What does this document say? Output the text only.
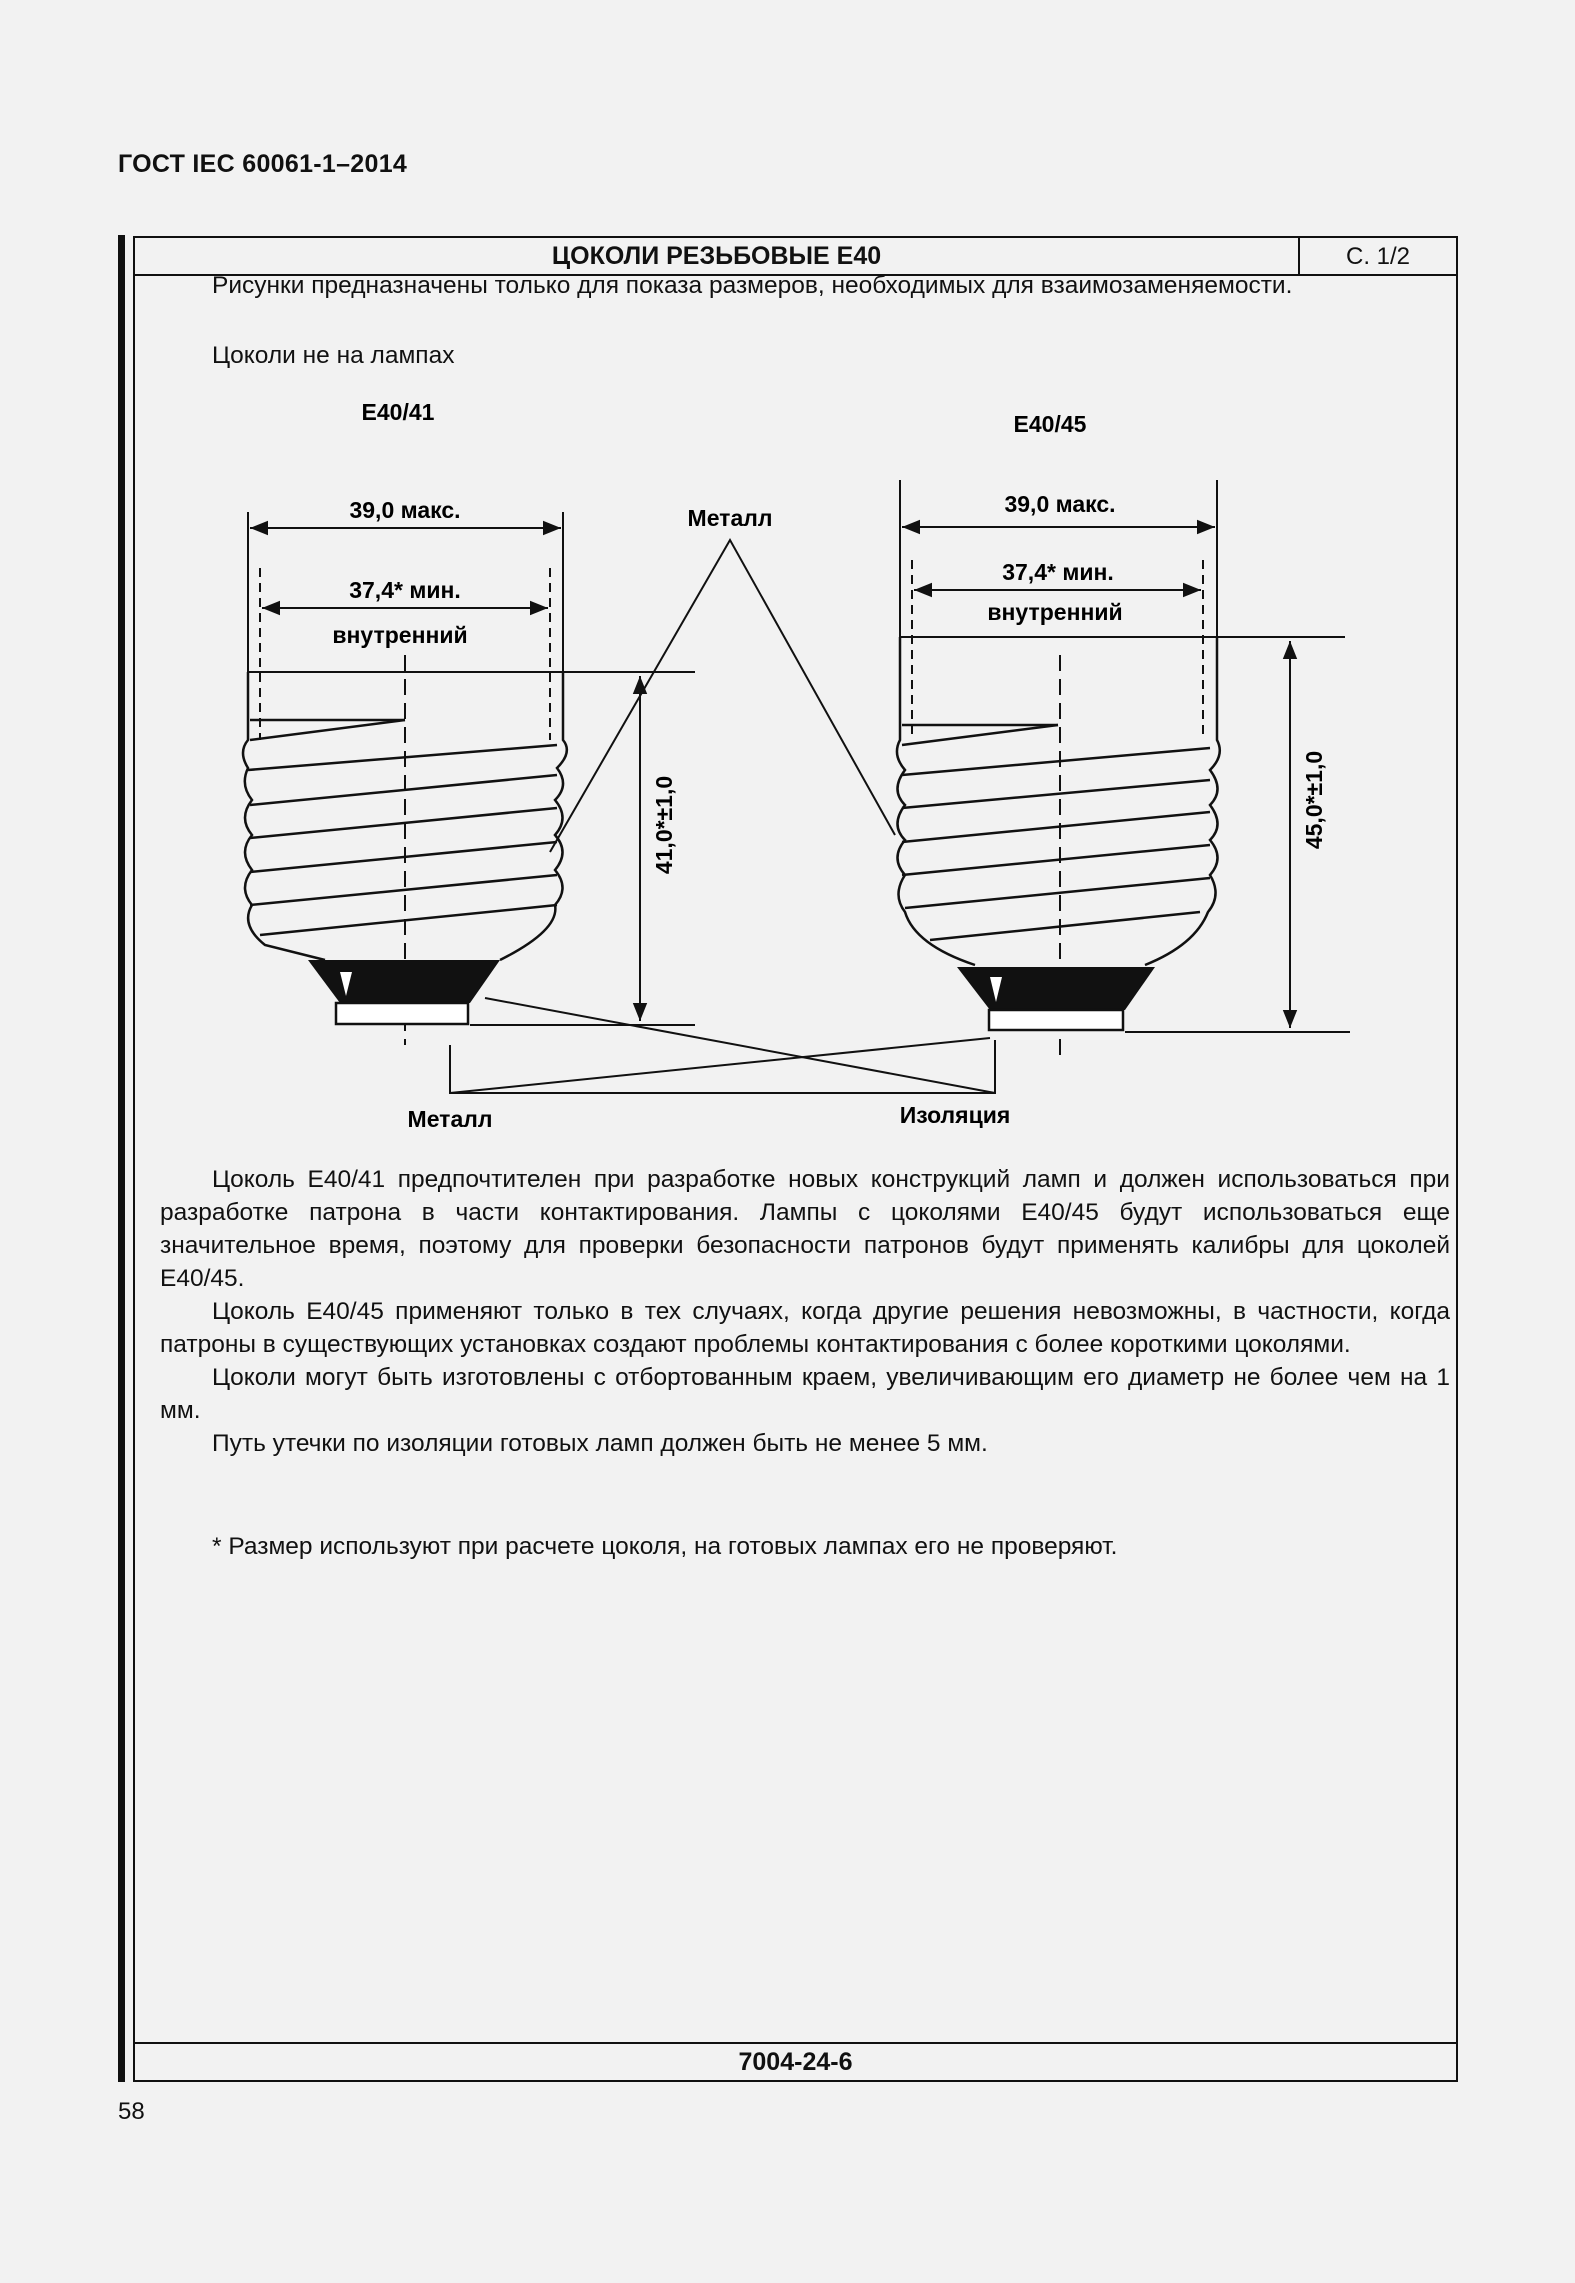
ГОСТ IEC 60061-1–2014
ЦОКОЛИ РЕЗЬБОВЫЕ Е40	С. 1/2
7004-24-6
Рисунки предназначены только для показа размеров, необходимых для взаимозаменяемости.
Цоколи не на лампах
E40/41
39,0 макс.
37,4* мин.
внутренний
41,0*±1,0
E40/45
39,0 макс.
37,4* мин.
внутренний
45,0*±1,0
Металл
Металл	Изоляция

Цоколь Е40/41 предпочтителен при разработке новых конструкций ламп и должен использоваться при разработке патрона в части контактирования. Лампы с цоколями Е40/45 будут использоваться еще значительное время, поэтому для проверки безопасности патронов будут применять калибры для цоколей Е40/45.

Цоколь Е40/45 применяют только в тех случаях, когда другие решения невозможны, в частности, когда патроны в существующих установках создают проблемы контактирования с более короткими цоколями.

Цоколи могут быть изготовлены с отбортованным краем, увеличивающим его диаметр не более чем на 1 мм.

Путь утечки по изоляции готовых ламп должен быть не менее 5 мм.

* Размер используют при расчете цоколя, на готовых лампах его не проверяют.
58
